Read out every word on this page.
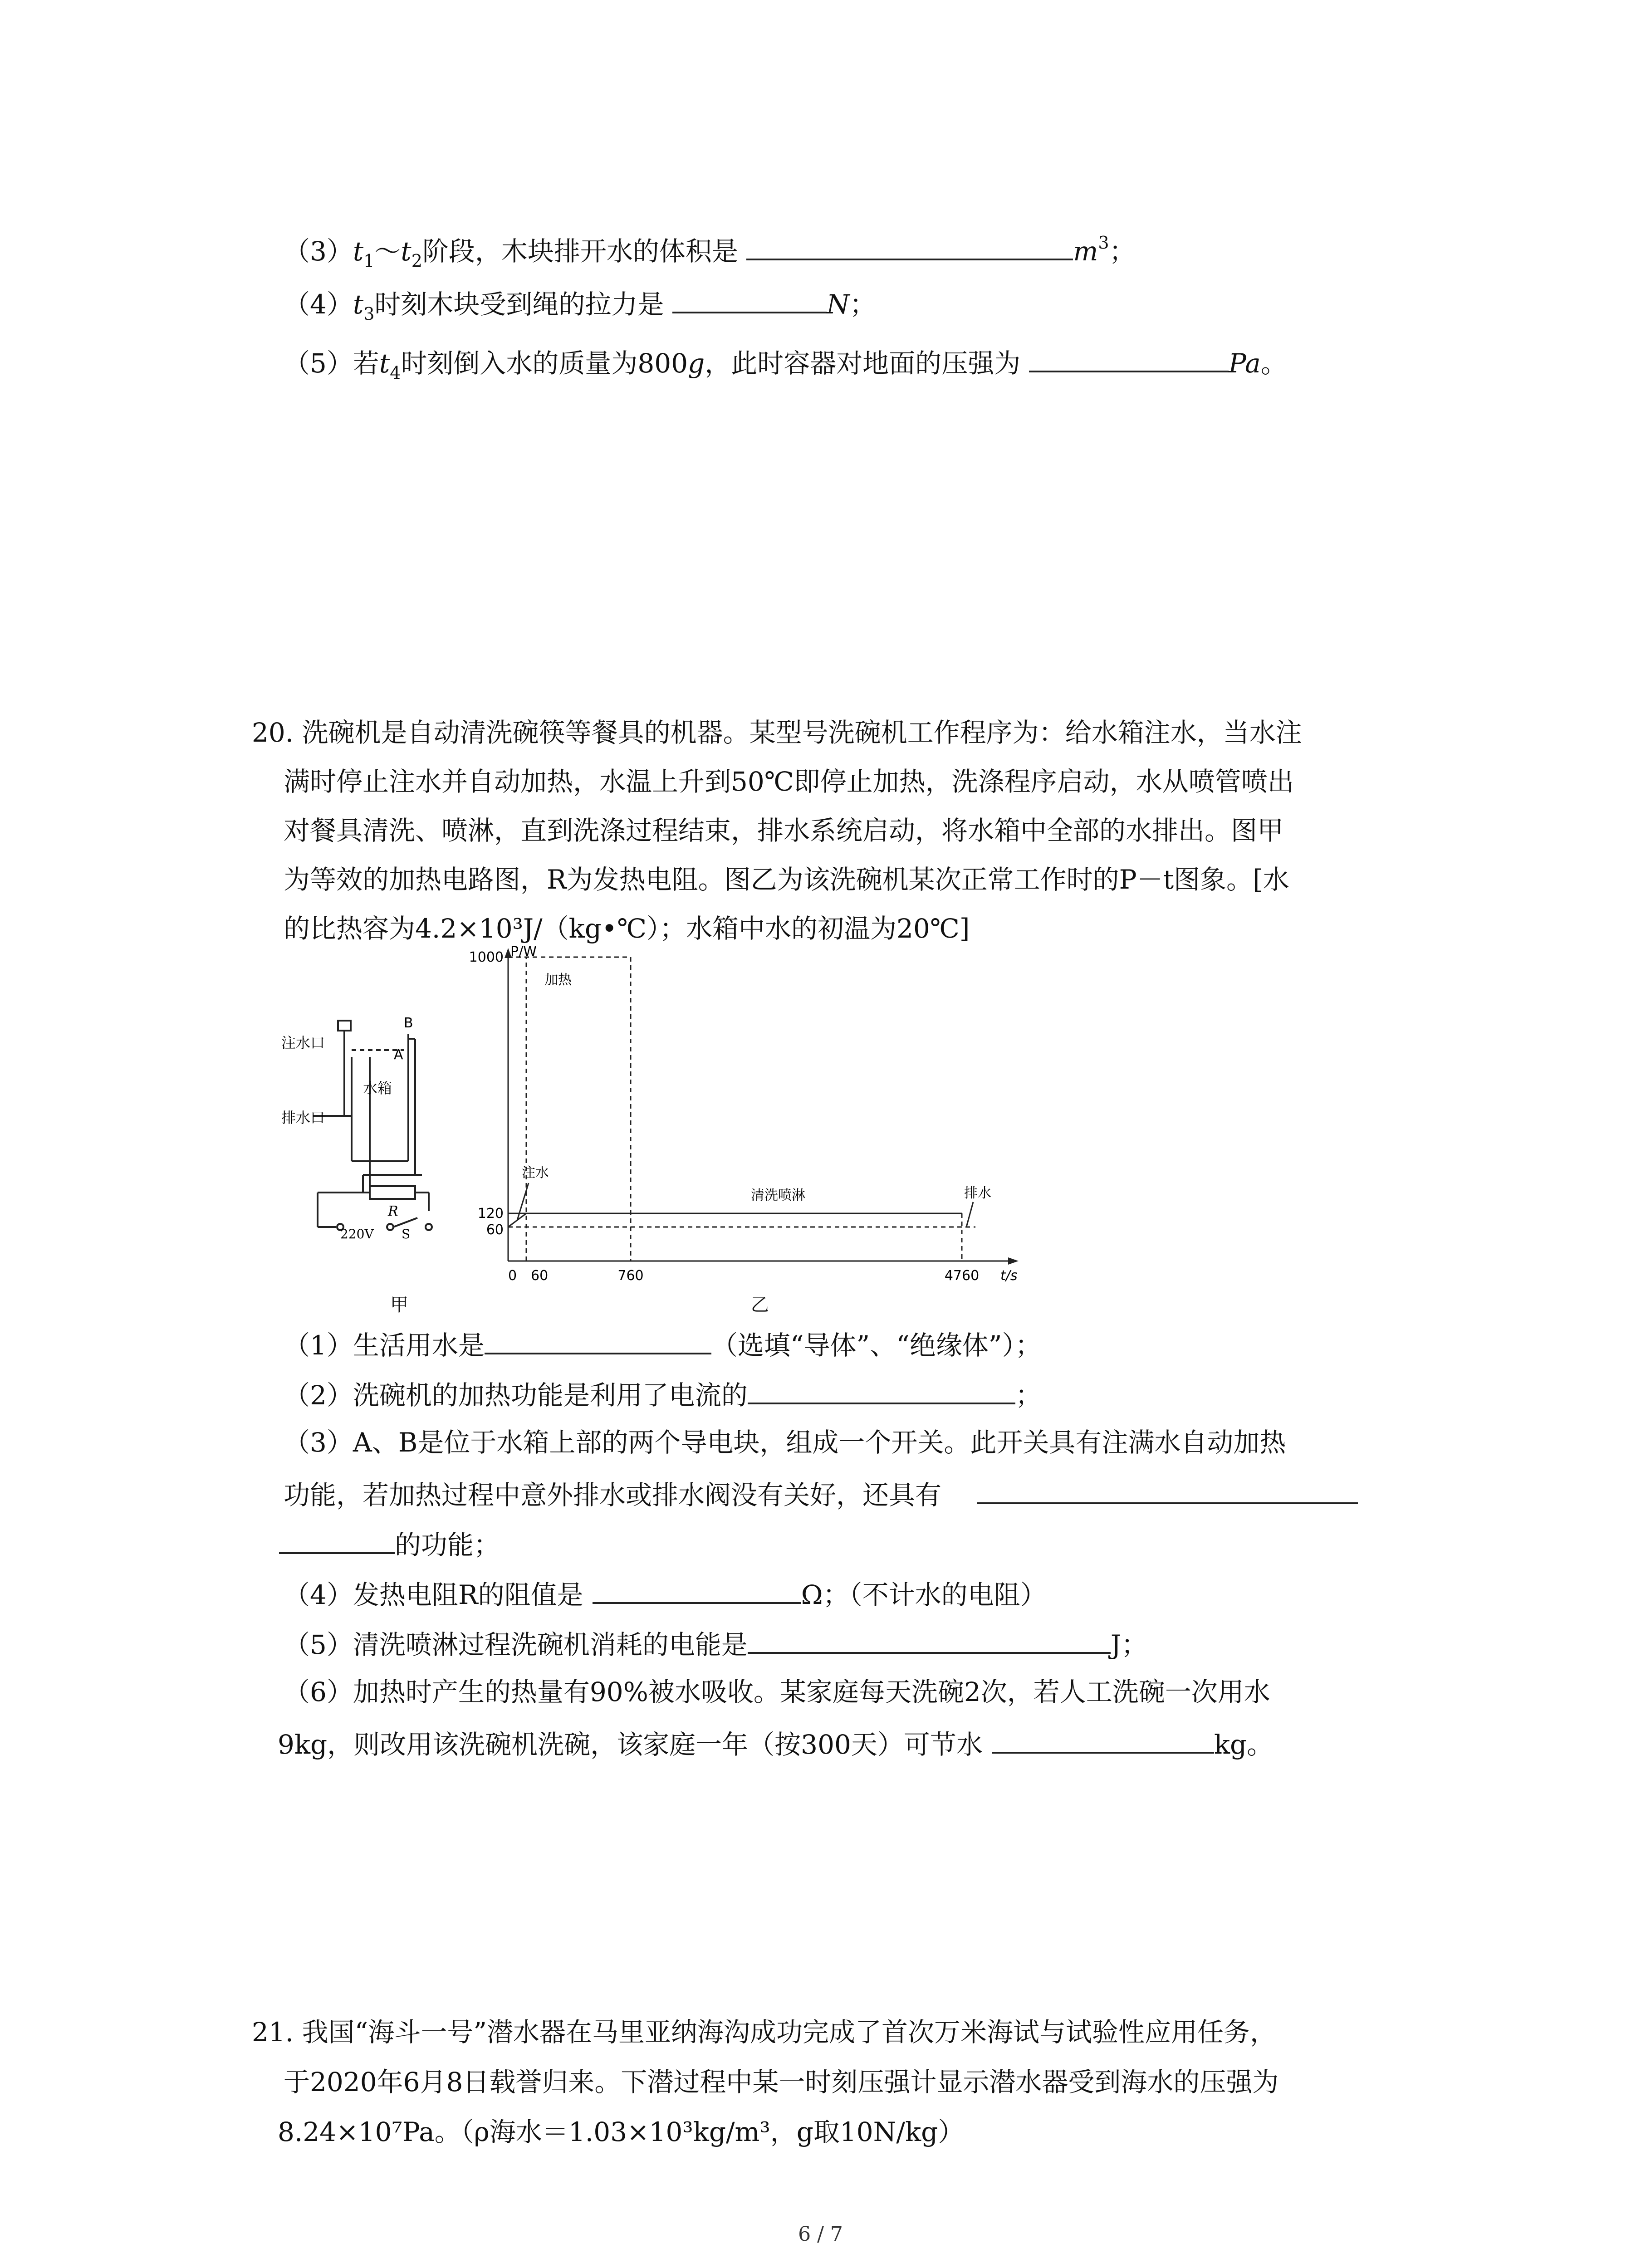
$(3)t_1\sim t_2$阶段，木块排开水的体积是	$m^3$；
$(4)t_3$时刻木块受到绳的拉力是	N；
（5）若$t_4$时刻倒入水的质量为800g，此时容器对地面的压强为	Pa。
20. 洗碗机是自动清洗碗筷等餐具的机器。某型号洗碗机工作程序为：给水箱注水，当水注
满时停止注水并自动加热，水温上升到50℃即停止加热，洗涤程序启动，水从喷管喷出
对餐具清洗、喷淋，直到洗涤过程结束，排水系统启动，将水箱中全部的水排出。图甲
为等效的加热电路图，R为发热电阻。图乙为该洗碗机某次正常工作时的P－t图象。[水
的比热容为4.2×10³J/（kg•℃）；水箱中水的初温为20℃]
注水口
排水口
水箱
B
A
R
220V S
甲
1000
120
60
0 60	760	4760
加热
注水
清洗喷淋	排水
P/W
t/s
乙
（1）生活用水是	（选填“导体”、“绝缘体”）；
（2）洗碗机的加热功能是利用了电流的	；
（3）A、B是位于水箱上部的两个导电块，组成一个开关。此开关具有注满水自动加热
功能，若加热过程中意外排水或排水阀没有关好，还具有
的功能；
（4）发热电阻R的阻值是	Ω；（不计水的电阻）
（5）清洗喷淋过程洗碗机消耗的电能是	J；
（6）加热时产生的热量有90%被水吸收。某家庭每天洗碗2次，若人工洗碗一次用水
9kg，则改用该洗碗机洗碗，该家庭一年（按300天）可节水	kg。
21. 我国“海斗一号”潜水器在马里亚纳海沟成功完成了首次万米海试与试验性应用任务，
于2020年6月8日载誉归来。下潜过程中某一时刻压强计显示潜水器受到海水的压强为
8.24×10⁷Pa。（ρ海水＝1.03×10³kg/m³，g取10N/kg）
6 / 7
